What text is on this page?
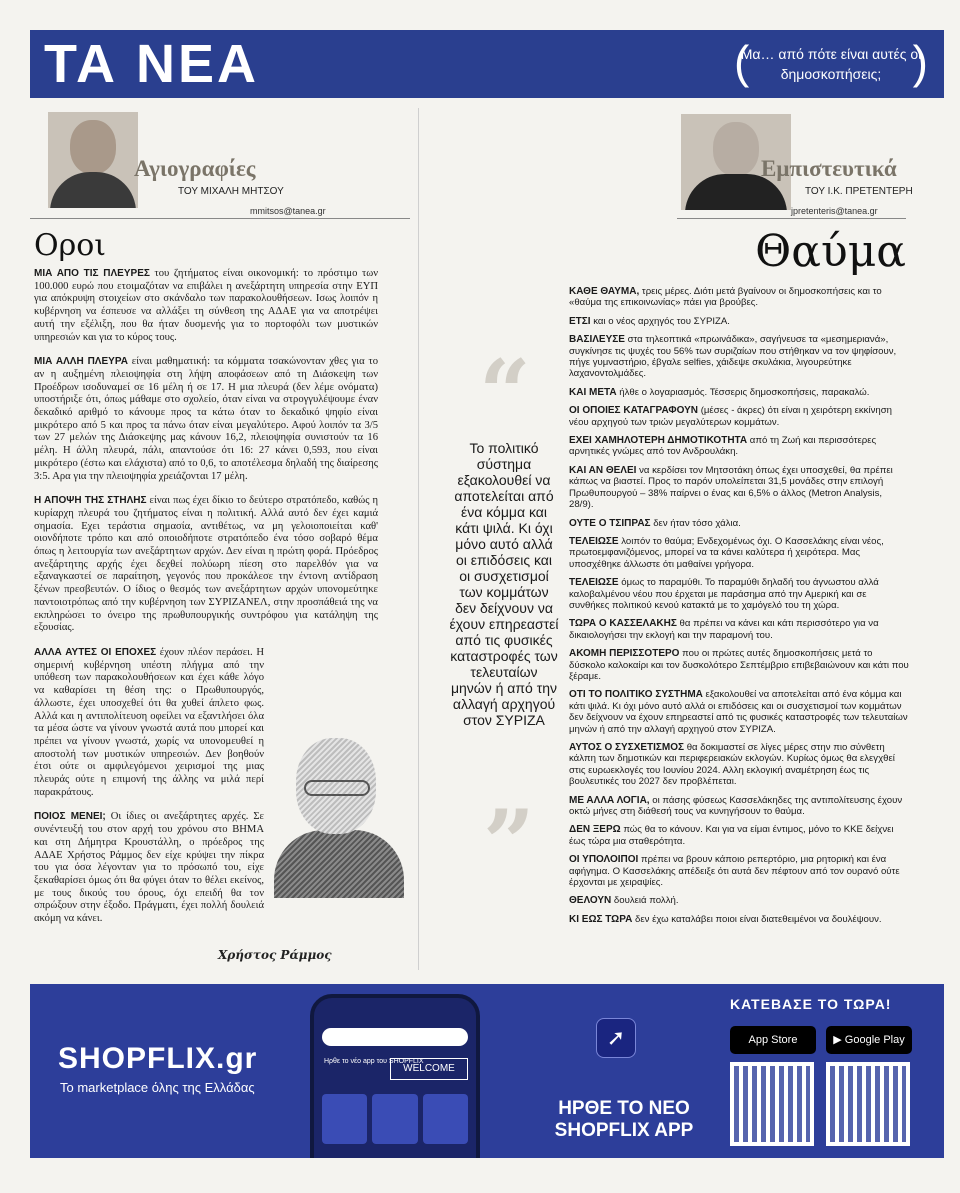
ΤΑ ΝΕΑ	(
Μα… από πότε είναι αυτές οι δημοσκοπήσεις; )
Αγιογραφίες
ΤΟΥ ΜΙΧΑΛΗ ΜΗΤΣΟΥ
mmitsos@tanea.gr
Οροι

ΜΙΑ ΑΠΟ ΤΙΣ ΠΛΕΥΡΕΣ του ζητήματος είναι οικονομική: το πρόστιμο των 100.000 ευρώ που ετοιμαζόταν να επιβάλει η ανεξάρτητη υπηρεσία στην ΕΥΠ για απόκρυψη στοιχείων στο σκάνδαλο των παρακολουθήσεων. Ισως λοιπόν η κυβέρνηση να έσπευσε να αλλάξει τη σύνθεση της ΑΔΑΕ για να αποτρέψει αυτή την εξέλιξη, που θα ήταν δυσμενής για το πορτοφόλι των μυστικών υπηρεσιών και για το κύρος τους.

ΜΙΑ ΑΛΛΗ ΠΛΕΥΡΑ είναι μαθηματική: τα κόμματα τσακώνονταν χθες για το αν η αυξημένη πλειοψηφία στη λήψη αποφάσεων από τη Διάσκεψη των Προέδρων ισοδυναμεί σε 16 μέλη ή σε 17. Η μια πλευρά (δεν λέμε ονόματα) υποστήριξε ότι, όπως μάθαμε στο σχολείο, όταν είναι να στρογγυλέψουμε έναν δεκαδικό αριθμό το κάνουμε προς τα κάτω όταν το δεκαδικό ψηφίο είναι μικρότερο από 5 και προς τα πάνω όταν είναι μεγαλύτερο. Αφού λοιπόν τα 3/5 των 27 μελών της Διάσκεψης μας κάνουν 16,2, πλειοψηφία συνιστούν τα 16 μέλη. Η άλλη πλευρά, πάλι, απαντούσε ότι 16: 27 κάνει 0,593, που είναι μικρότερο (έστω και ελάχιστα) από το 0,6, το αποτέλεσμα δηλαδή της διαίρεσης 3:5. Αρα για την πλειοψηφία χρειάζονται 17 μέλη.

Η ΑΠΟΨΗ ΤΗΣ ΣΤΗΛΗΣ είναι πως έχει δίκιο το δεύτερο στρατόπεδο, καθώς η κυρίαρχη πλευρά του ζητήματος είναι η πολιτική. Αλλά αυτό δεν έχει καμιά σημασία. Εχει τεράστια σημασία, αντιθέτως, να μη γελοιοποιείται καθ' οιονδήποτε τρόπο και από οποιοδήποτε στρατόπεδο ένα τόσο σοβαρό θέμα όπως η λειτουργία των ανεξάρτητων αρχών. Δεν είναι η πρώτη φορά. Πρόεδρος ανεξάρτητης αρχής έχει δεχθεί πολύωρη πίεση στο παρελθόν για να εξαναγκαστεί σε παραίτηση, γεγονός που προκάλεσε την έντονη αντίδραση ξένων πρεσβευτών. Ο ίδιος ο θεσμός των ανεξάρτητων αρχών υπονομεύτηκε παντοιοτρόπως από την κυβέρνηση των ΣΥΡΙΖΑΝΕΛ, στην προσπάθειά της να εκπληρώσει το όνειρο της πρωθυπουργικής συντρόφου για κατάληψη της εξουσίας.

ΑΛΛΑ ΑΥΤΕΣ ΟΙ ΕΠΟΧΕΣ έχουν πλέον περάσει. Η σημερινή κυβέρνηση υπέστη πλήγμα από την υπόθεση των παρακολουθήσεων και έχει κάθε λόγο να καθαρίσει τη θέση της: ο Πρωθυπουργός, άλλωστε, έχει υποσχεθεί ότι θα χυθεί άπλετο φως. Αλλά και η αντιπολίτευση οφείλει να εξαντλήσει όλα τα μέσα ώστε να γίνουν γνωστά αυτά που μπορεί και πρέπει να γίνουν γνωστά, χωρίς να υπονομευθεί η αποστολή των μυστικών υπηρεσιών. Δεν βοηθούν έτσι ούτε οι αμφιλεγόμενοι χειρισμοί της μιας πλευράς ούτε η επιμονή της άλλης να μιλά περί παρακράτους.

ΠΟΙΟΣ ΜΕΝΕΙ; Οι ίδιες οι ανεξάρτητες αρχές. Σε συνέντευξή του στον αρχή του χρόνου στο ΒΗΜΑ και στη Δήμητρα Κρουστάλλη, ο πρόεδρος της ΑΔΑΕ Χρήστος Ράμμος δεν είχε κρύψει την πίκρα του για όσα λέγονταν για το πρόσωπό του, είχε ξεκαθαρίσει όμως ότι θα φύγει όταν το θέλει εκείνος, με τους δικούς του όρους, όχι επειδή θα τον σπρώξουν στην έξοδο. Πράγματι, έχει πολλή δουλειά ακόμη να κάνει.

Χρήστος Ράμμος
Εμπιστευτικά
ΤΟΥ Ι.Κ. ΠΡΕΤΕΝΤΕΡΗ
jpretenteris@tanea.gr
Θαύμα
“
Το πολιτικό σύστημα εξακολουθεί να αποτελείται από ένα κόμμα και κάτι ψιλά. Κι όχι μόνο αυτό αλλά οι επιδόσεις και οι συσχετισμοί των κομμάτων δεν δείχνουν να έχουν επηρεαστεί από τις φυσικές καταστροφές των τελευταίων μηνών ή από την αλλαγή αρχηγού στον ΣΥΡΙΖΑ
”

ΚΑΘΕ ΘΑΥΜΑ, τρεις μέρες. Διότι μετά βγαίνουν οι δημοσκοπήσεις και το «θαύμα της επικοινωνίας» πάει για βρούβες.

ΕΤΣΙ και ο νέος αρχηγός του ΣΥΡΙΖΑ.

ΒΑΣΙΛΕΥΣΕ στα τηλεοπτικά «πρωινάδικα», σαγήνευσε τα «μεσημεριανά», συγκίνησε τις ψυχές του 56% των συριζαίων που στήθηκαν να τον ψηφίσουν, πήγε γυμναστήριο, έβγαλε selfies, χάιδεψε σκυλάκια, λιγουρεύτηκε λαχανοντολμάδες.

ΚΑΙ ΜΕΤΑ ήλθε ο λογαριασμός. Τέσσερις δημοσκοπήσεις, παρακαλώ.

ΟΙ ΟΠΟΙΕΣ ΚΑΤΑΓΡΑΦΟΥΝ (μέσες - άκρες) ότι είναι η χειρότερη εκκίνηση νέου αρχηγού των τριών μεγαλύτερων κομμάτων.

ΕΧΕΙ ΧΑΜΗΛΟΤΕΡΗ ΔΗΜΟΤΙΚΟΤΗΤΑ από τη Ζωή και περισσότερες αρνητικές γνώμες από τον Ανδρουλάκη.

ΚΑΙ ΑΝ ΘΕΛΕΙ να κερδίσει τον Μητσοτάκη όπως έχει υποσχεθεί, θα πρέπει κάπως να βιαστεί. Προς το παρόν υπολείπεται 31,5 μονάδες στην επιλογή Πρωθυπουργού – 38% παίρνει ο ένας και 6,5% ο άλλος (Metron Analysis, 28/9).

ΟΥΤΕ Ο ΤΣΙΠΡΑΣ δεν ήταν τόσο χάλια.

ΤΕΛΕΙΩΣΕ λοιπόν το θαύμα; Ενδεχομένως όχι. Ο Κασσελάκης είναι νέος, πρωτοεμφανιζόμενος, μπορεί να τα κάνει καλύτερα ή χειρότερα. Μας υποσχέθηκε άλλωστε ότι μαθαίνει γρήγορα.

ΤΕΛΕΙΩΣΕ όμως το παραμύθι. Το παραμύθι δηλαδή του άγνωστου αλλά καλοβαλμένου νέου που έρχεται με παράσημα από την Αμερική και σε συνθήκες πολιτικού κενού κατακτά με το χαμόγελό του τη χώρα.

ΤΩΡΑ Ο ΚΑΣΣΕΛΑΚΗΣ θα πρέπει να κάνει και κάτι περισσότερο για να δικαιολογήσει την εκλογή και την παραμονή του.

ΑΚΟΜΗ ΠΕΡΙΣΣΟΤΕΡΟ που οι πρώτες αυτές δημοσκοπήσεις μετά το δύσκολο καλοκαίρι και τον δυσκολότερο Σεπτέμβριο επιβεβαιώνουν και κάτι που ξέραμε.

ΟΤΙ ΤΟ ΠΟΛΙΤΙΚΟ ΣΥΣΤΗΜΑ εξακολουθεί να αποτελείται από ένα κόμμα και κάτι ψιλά. Κι όχι μόνο αυτό αλλά οι επιδόσεις και οι συσχετισμοί των κομμάτων δεν δείχνουν να έχουν επηρεαστεί από τις φυσικές καταστροφές των τελευταίων μηνών ή από την αλλαγή αρχηγού στον ΣΥΡΙΖΑ.

ΑΥΤΟΣ Ο ΣΥΣΧΕΤΙΣΜΟΣ θα δοκιμαστεί σε λίγες μέρες στην πιο σύνθετη κάλπη των δημοτικών και περιφερειακών εκλογών. Κυρίως όμως θα ελεγχθεί στις ευρωεκλογές του Ιουνίου 2024. Αλλη εκλογική αναμέτρηση έως τις βουλευτικές του 2027 δεν προβλέπεται.

ΜΕ ΑΛΛΑ ΛΟΓΙΑ, οι πάσης φύσεως Κασσελάκηδες της αντιπολίτευσης έχουν οκτώ μήνες στη διάθεσή τους να κυνηγήσουν το θαύμα.

ΔΕΝ ΞΕΡΩ πώς θα το κάνουν. Και για να είμαι έντιμος, μόνο το ΚΚΕ δείχνει έως τώρα μια σταθερότητα.

ΟΙ ΥΠΟΛΟΙΠΟΙ πρέπει να βρουν κάποιο ρεπερτόριο, μια ρητορική και ένα αφήγημα. Ο Κασσελάκης απέδειξε ότι αυτά δεν πέφτουν από τον ουρανό ούτε έρχονται με χειραψίες.

ΘΕΛΟΥΝ δουλειά πολλή.

ΚΙ ΕΩΣ ΤΩΡΑ δεν έχω καταλάβει ποιοι είναι διατεθειμένοι να δουλέψουν.

SHOPFLIX.gr
Το marketplace όλης της Ελλάδας
Ηρθε το νέο app του SHOPFLIX
WELCOME
➚
ΗΡΘΕ ΤΟ ΝΕΟ SHOPFLIX APP
ΚΑΤΕΒΑΣΕ ΤΟ ΤΩΡΑ!
App Store	▶ Google Play
